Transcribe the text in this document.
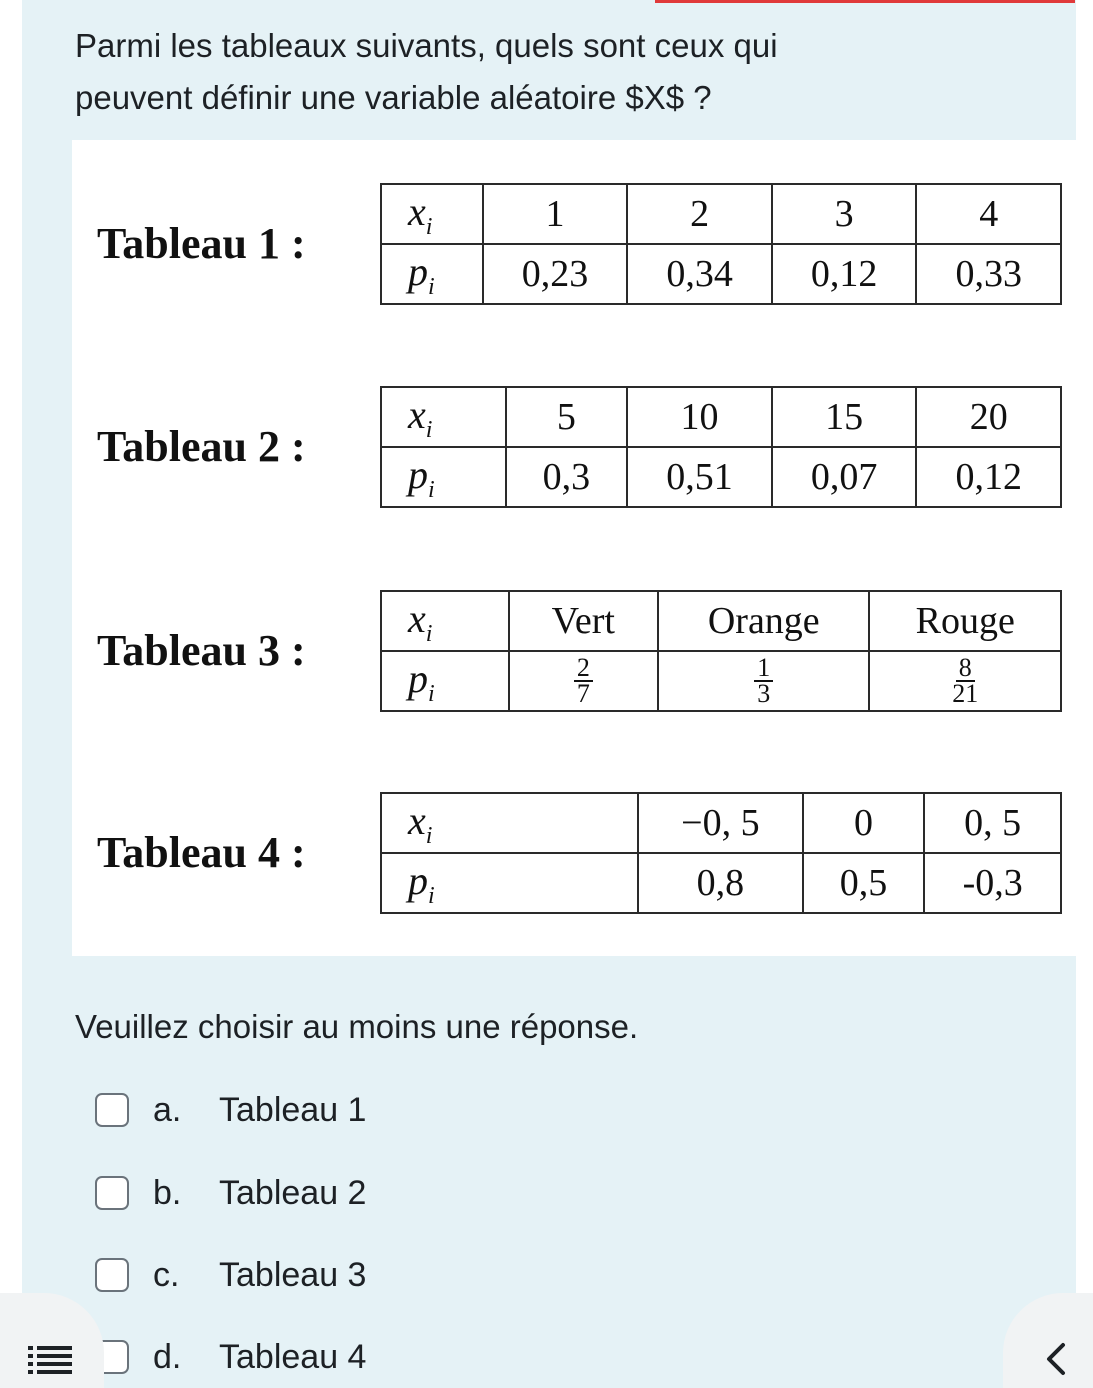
Parmi les tableaux suivants, quels sont ceux qui

peuvent définir une variable aléatoire $X$ ?

Tableau 1 :
$x_i$	1	2	3	4
$p_i$	0,23	0,34	0,12	0,33
Tableau 2 :
$x_i$	5	10	15	20
$p_i$	0,3	0,51	0,07	0,12
Tableau 3 :
$x_i$	Vert	Orange	Rouge
$p_i$	$\frac{2}{7}$	$\frac{1}{3}$	$\frac{8}{21}$
Tableau 4 :
$x_i$	−0, 5	0	0, 5
$p_i$	0,8	0,5	-0,3
Veuillez choisir au moins une réponse.
a.	Tableau 1
b.	Tableau 2
c.	Tableau 3
d.	Tableau 4
